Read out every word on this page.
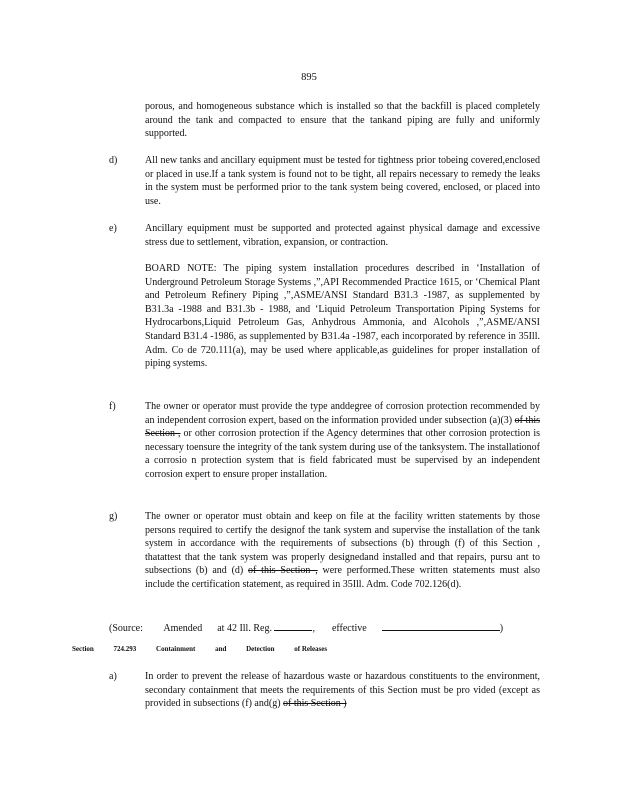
895
porous, and homogeneous substance which is installed so that the backfill is placed completely around the tank and compacted to ensure that the tankand piping are fully and uniformly supported.
d)	All new tanks and ancillary equipment must be tested for tightness prior tobeing covered,enclosed or placed in use.If a tank system is found not to be tight, all repairs necessary to remedy the leaks in the system must be performed prior to the tank system being covered, enclosed, or placed into use.
e)	Ancillary equipment must be supported and protected against physical damage and excessive stress due to settlement, vibration, expansion, or contraction.
BOARD NOTE: The piping system installation procedures described in ‘Installation of Underground Petroleum Storage Systems ,”,API Recommended Practice 1615, or ‘Chemical Plant and Petroleum Refinery Piping ,”,ASME/ANSI Standard B31.3 -1987, as supplemented by B31.3a -1988 and B31.3b - 1988, and ‘Liquid Petroleum Transportation Piping Systems for Hydrocarbons,Liquid Petroleum Gas, Anhydrous Ammonia, and Alcohols ,”,ASME/ANSI Standard B31.4 -1986, as supplemented by B31.4a -1987, each incorporated by reference in 35Ill. Adm. Co de 720.111(a), may be used where applicable,as guidelines for proper installation of piping systems.
f)	The owner or operator must provide the type anddegree of corrosion protection recommended by an independent corrosion expert, based on the information provided under subsection (a)(3) of this Section , or other corrosion protection if the Agency determines that other corrosion protection is necessary toensure the integrity of the tank system during use of the tanksystem. The installationof a corrosio n protection system that is field fabricated must be supervised by an independent corrosion expert to ensure proper installation.
g)	The owner or operator must obtain and keep on file at the facility written statements by those persons required to certify the designof the tank system and supervise the installation of the tank system in accordance with the requirements of subsections (b) through (f) of this Section , thatattest that the tank system was properly designedand installed and that repairs, pursu ant to subsections (b) and (d) of this Section , were performed.These written statements must also include the certification statement, as required in 35Ill. Adm. Code 702.126(d).
(Source: Amended at 42 Ill. Reg.	, effective	)
Section	724.293	Containment	and	Detection	of Releases
a)	In order to prevent the release of hazardous waste or hazardous constituents to the environment, secondary containment that meets the requirements of this Section must be pro vided (except as provided in subsections (f) and(g) of this Section )
